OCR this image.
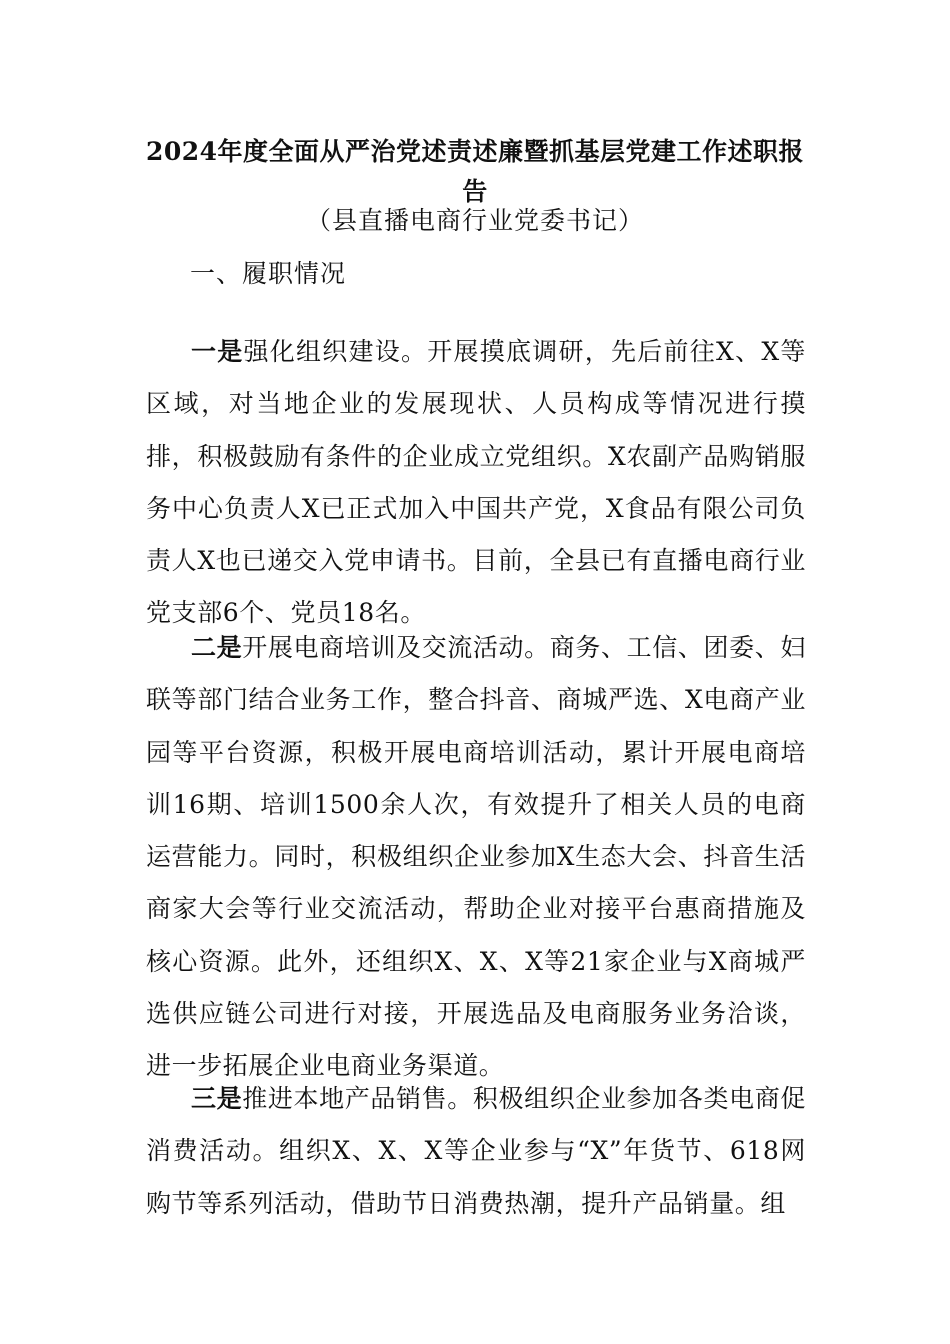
2024年度全面从严治党述责述廉暨抓基层党建工作述职报告
（县直播电商行业党委书记）
一、履职情况

一是强化组织建设。开展摸底调研，先后前往X、X等区域，对当地企业的发展现状、人员构成等情况进行摸排，积极鼓励有条件的企业成立党组织。X农副产品购销服务中心负责人X已正式加入中国共产党，X食品有限公司负责人X也已递交入党申请书。目前，全县已有直播电商行业党支部6个、党员18名。

二是开展电商培训及交流活动。商务、工信、团委、妇联等部门结合业务工作，整合抖音、商城严选、X电商产业园等平台资源，积极开展电商培训活动，累计开展电商培训16期、培训1500余人次，有效提升了相关人员的电商运营能力。同时，积极组织企业参加X生态大会、抖音生活商家大会等行业交流活动，帮助企业对接平台惠商措施及核心资源。此外，还组织X、X、X等21家企业与X商城严选供应链公司进行对接，开展选品及电商服务业务洽谈，进一步拓展企业电商业务渠道。

三是推进本地产品销售。积极组织企业参加各类电商促消费活动。组织X、X、X等企业参与“X”年货节、618网购节等系列活动，借助节日消费热潮，提升产品销量。组
